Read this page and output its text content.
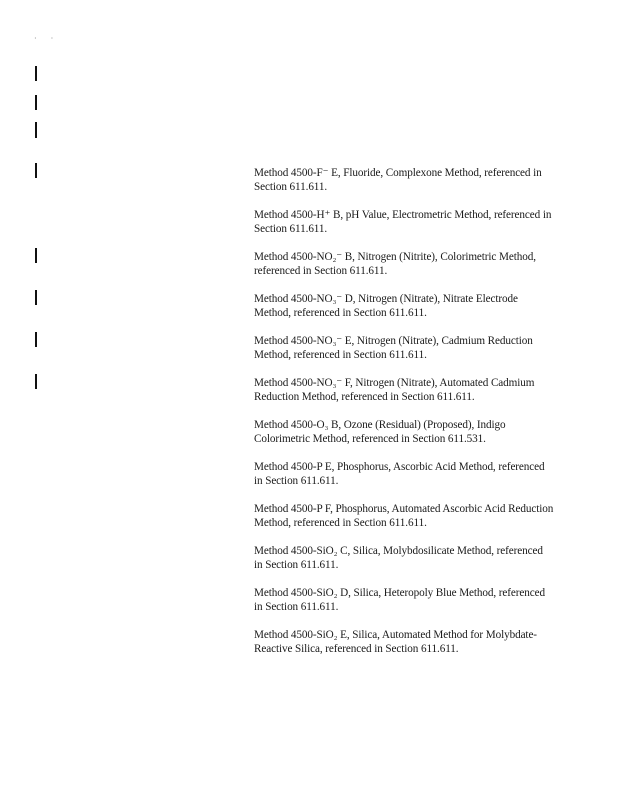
· ·
Method 4500-F⁻ E, Fluoride, Complexone Method, referenced in Section 611.611.
Method 4500-H⁺ B, pH Value, Electrometric Method, referenced in Section 611.611.
Method 4500-NO₂⁻ B, Nitrogen (Nitrite), Colorimetric Method, referenced in Section 611.611.
Method 4500-NO₃⁻ D, Nitrogen (Nitrate), Nitrate Electrode Method, referenced in Section 611.611.
Method 4500-NO₃⁻ E, Nitrogen (Nitrate), Cadmium Reduction Method, referenced in Section 611.611.
Method 4500-NO₃⁻ F, Nitrogen (Nitrate), Automated Cadmium Reduction Method, referenced in Section 611.611.
Method 4500-O₃ B, Ozone (Residual) (Proposed), Indigo Colorimetric Method, referenced in Section 611.531.
Method 4500-P E, Phosphorus, Ascorbic Acid Method, referenced in Section 611.611.
Method 4500-P F, Phosphorus, Automated Ascorbic Acid Reduction Method, referenced in Section 611.611.
Method 4500-SiO₂ C, Silica, Molybdosilicate Method, referenced in Section 611.611.
Method 4500-SiO₂ D, Silica, Heteropoly Blue Method, referenced in Section 611.611.
Method 4500-SiO₂ E, Silica, Automated Method for Molybdate-Reactive Silica, referenced in Section 611.611.
